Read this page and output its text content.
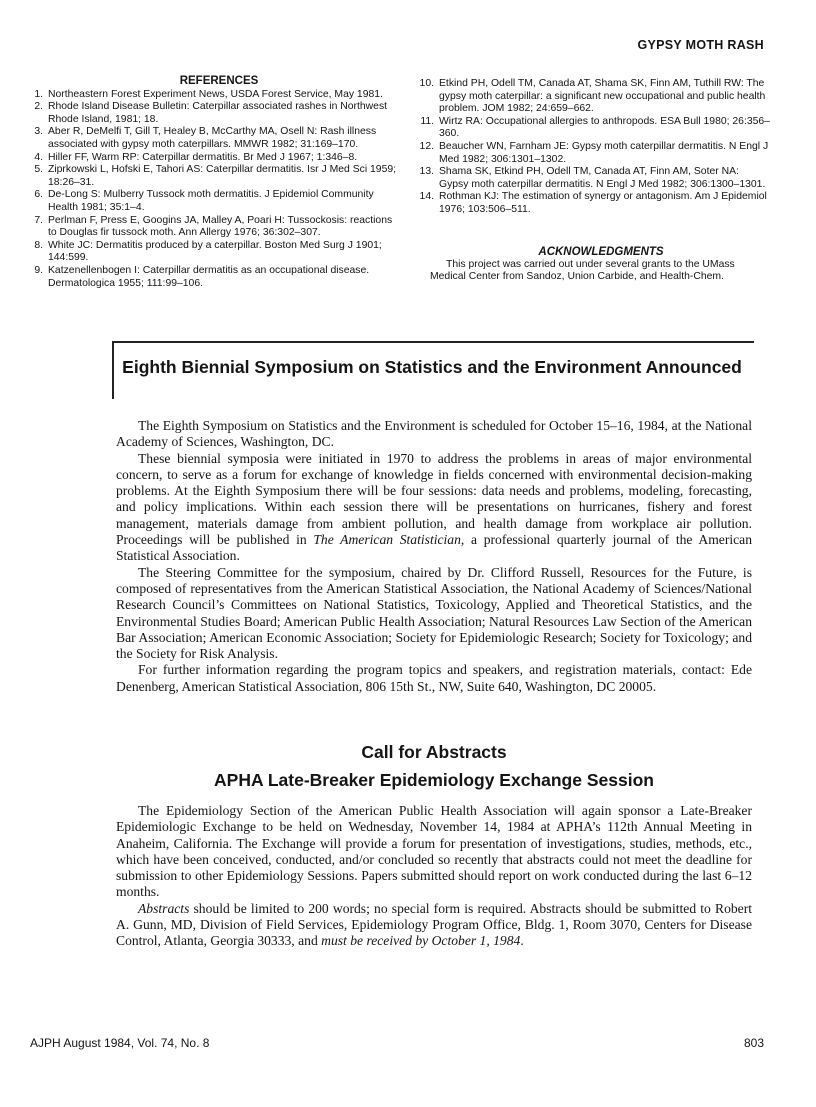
GYPSY MOTH RASH
REFERENCES
1. Northeastern Forest Experiment News, USDA Forest Service, May 1981.
2. Rhode Island Disease Bulletin: Caterpillar associated rashes in Northwest Rhode Island, 1981; 18.
3. Aber R, DeMelfi T, Gill T, Healey B, McCarthy MA, Osell N: Rash illness associated with gypsy moth caterpillars. MMWR 1982; 31:169–170.
4. Hiller FF, Warm RP: Caterpillar dermatitis. Br Med J 1967; 1:346–8.
5. Ziprkowski L, Hofski E, Tahori AS: Caterpillar dermatitis. Isr J Med Sci 1959; 18:26–31.
6. De-Long S: Mulberry Tussock moth dermatitis. J Epidemiol Community Health 1981; 35:1–4.
7. Perlman F, Press E, Googins JA, Malley A, Poari H: Tussockosis: reactions to Douglas fir tussock moth. Ann Allergy 1976; 36:302–307.
8. White JC: Dermatitis produced by a caterpillar. Boston Med Surg J 1901; 144:599.
9. Katzenellenbogen I: Caterpillar dermatitis as an occupational disease. Dermatologica 1955; 111:99–106.
10. Etkind PH, Odell TM, Canada AT, Shama SK, Finn AM, Tuthill RW: The gypsy moth caterpillar: a significant new occupational and public health problem. JOM 1982; 24:659–662.
11. Wirtz RA: Occupational allergies to anthropods. ESA Bull 1980; 26:356–360.
12. Beaucher WN, Farnham JE: Gypsy moth caterpillar dermatitis. N Engl J Med 1982; 306:1301–1302.
13. Shama SK, Etkind PH, Odell TM, Canada AT, Finn AM, Soter NA: Gypsy moth caterpillar dermatitis. N Engl J Med 1982; 306:1300–1301.
14. Rothman KJ: The estimation of synergy or antagonism. Am J Epidemiol 1976; 103:506–511.
ACKNOWLEDGMENTS
This project was carried out under several grants to the UMass Medical Center from Sandoz, Union Carbide, and Health-Chem.
Eighth Biennial Symposium on Statistics and the Environment Announced

The Eighth Symposium on Statistics and the Environment is scheduled for October 15–16, 1984, at the National Academy of Sciences, Washington, DC.

These biennial symposia were initiated in 1970 to address the problems in areas of major environmental concern, to serve as a forum for exchange of knowledge in fields concerned with environmental decision-making problems. At the Eighth Symposium there will be four sessions: data needs and problems, modeling, forecasting, and policy implications. Within each session there will be presentations on hurricanes, fishery and forest management, materials damage from ambient pollution, and health damage from workplace air pollution. Proceedings will be published in The American Statistician, a professional quarterly journal of the American Statistical Association.

The Steering Committee for the symposium, chaired by Dr. Clifford Russell, Resources for the Future, is composed of representatives from the American Statistical Association, the National Academy of Sciences/National Research Council’s Committees on National Statistics, Toxicology, Applied and Theoretical Statistics, and the Environmental Studies Board; American Public Health Association; Natural Resources Law Section of the American Bar Association; American Economic Association; Society for Epidemiologic Research; Society for Toxicology; and the Society for Risk Analysis.

For further information regarding the program topics and speakers, and registration materials, contact: Ede Denenberg, American Statistical Association, 806 15th St., NW, Suite 640, Washington, DC 20005.

Call for Abstracts
APHA Late-Breaker Epidemiology Exchange Session

The Epidemiology Section of the American Public Health Association will again sponsor a Late-Breaker Epidemiologic Exchange to be held on Wednesday, November 14, 1984 at APHA’s 112th Annual Meeting in Anaheim, California. The Exchange will provide a forum for presentation of investigations, studies, methods, etc., which have been conceived, conducted, and/or concluded so recently that abstracts could not meet the deadline for submission to other Epidemiology Sessions. Papers submitted should report on work conducted during the last 6–12 months.

Abstracts should be limited to 200 words; no special form is required. Abstracts should be submitted to Robert A. Gunn, MD, Division of Field Services, Epidemiology Program Office, Bldg. 1, Room 3070, Centers for Disease Control, Atlanta, Georgia 30333, and must be received by October 1, 1984.

AJPH August 1984, Vol. 74, No. 8	803
